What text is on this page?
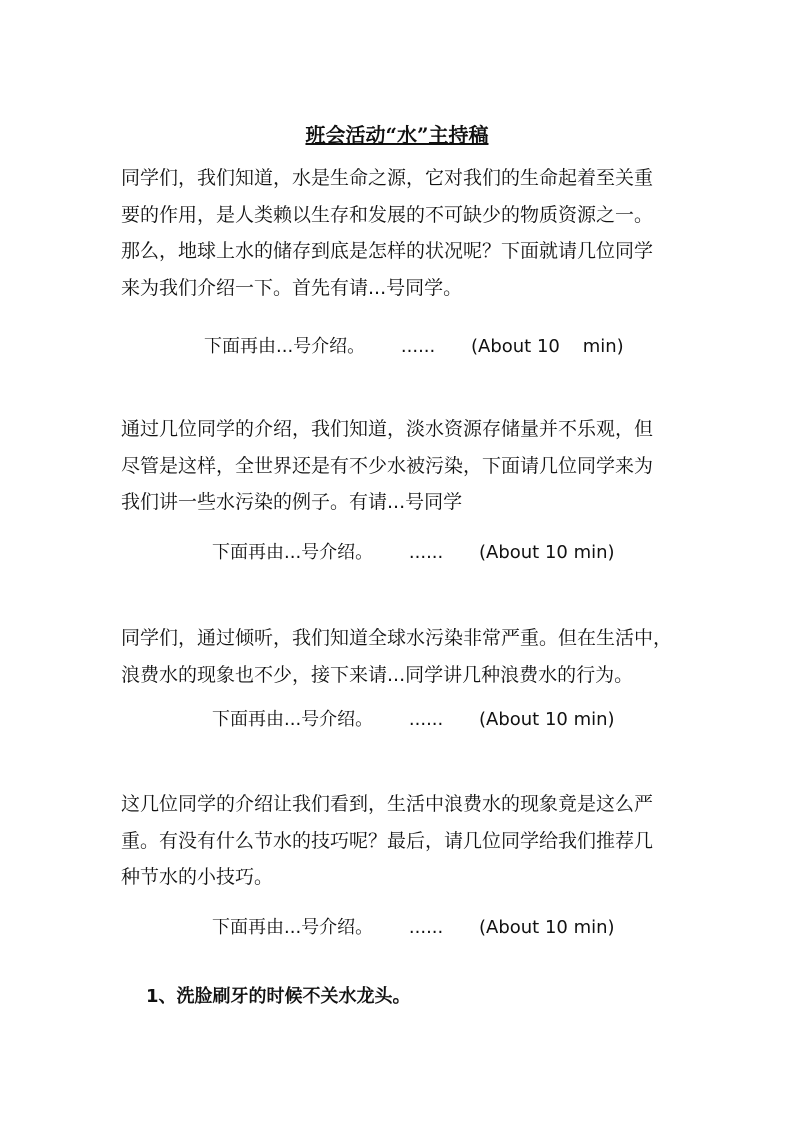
班会活动“水”主持稿

同学们，我们知道，水是生命之源，它对我们的生命起着至关重

要的作用，是人类赖以生存和发展的不可缺少的物质资源之一。

那么，地球上水的储存到底是怎样的状况呢？下面就请几位同学

来为我们介绍一下。首先有请...号同学。

下面再由...号介绍。 ...... (About 10    min)

通过几位同学的介绍，我们知道，淡水资源存储量并不乐观，但

尽管是这样，全世界还是有不少水被污染，下面请几位同学来为

我们讲一些水污染的例子。有请...号同学

下面再由...号介绍。 ...... (About 10 min)

同学们，通过倾听，我们知道全球水污染非常严重。但在生活中，

浪费水的现象也不少，接下来请...同学讲几种浪费水的行为。

下面再由...号介绍。 ...... (About 10 min)

这几位同学的介绍让我们看到，生活中浪费水的现象竟是这么严

重。有没有什么节水的技巧呢？最后，请几位同学给我们推荐几

种节水的小技巧。

下面再由...号介绍。 ...... (About 10 min)
1、洗脸刷牙的时候不关水龙头。
